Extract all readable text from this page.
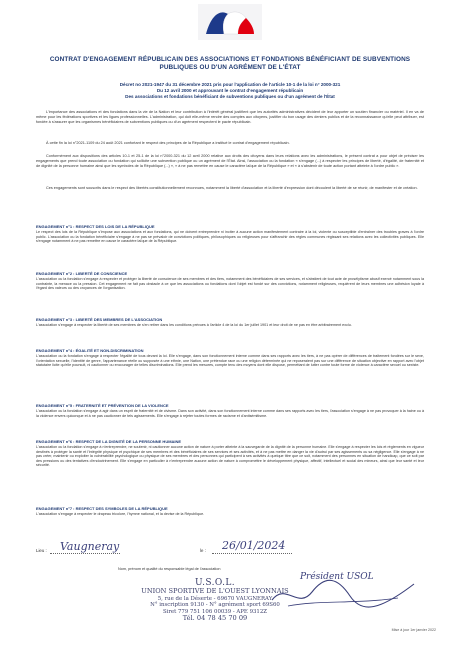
CONTRAT D'ENGAGEMENT RÉPUBLICAIN DES ASSOCIATIONS ET FONDATIONS BÉNÉFICIANT DE SUBVENTIONS PUBLIQUES OU D'UN AGRÉMENT DE L'ÉTAT
Décret no 2021-1947 du 31 décembre 2021 pris pour l'application de l'article 10-1 de la loi n° 2000-321
Du 12 avril 2000 et approuvant le contrat d'engagement républicain
Des associations et fondations bénéficiant de subventions publiques ou d'un agrément de l'État
L'importance des associations et des fondations dans la vie de la Nation et leur contribution à l'intérêt général justifient que les autorités administratives décident de leur apporter un soutien financier ou matériel. Il en va de même pour les fédérations sportives et les ligues professionnelles. L'administration, qui doit elle-même rendre des comptes aux citoyens, justifier du bon usage des deniers publics et de la reconnaissance qu'elle peut attribuer, est fondée à s'assurer que les organismes bénéficiaires de subventions publiques ou d'un agrément respectent le pacte républicain.
À cette fin la loi n°2021-1109 du 24 août 2021 confortant le respect des principes de la République a institué le contrat d'engagement républicain.
Conformément aux dispositions des articles 10-1 et 25-1 de la loi n°2000-321 du 12 avril 2000 relative aux droits des citoyens dans leurs relations avec les administrations, le présent contrat a pour objet de préciser les engagements que prend toute association ou fondation qui sollicite une subvention publique ou un agrément de l'État. Ainsi, l'association ou la fondation « s'engage (...) à respecter les principes de liberté, d'égalité, de fraternité et de dignité de la personne humaine ainsi que les symboles de la République (...) », « à ne pas remettre en cause le caractère laïque de la République » et « à s'abstenir de toute action portant atteinte à l'ordre public ».
Ces engagements sont souscrits dans le respect des libertés constitutionnellement reconnues, notamment la liberté d'association et la liberté d'expression dont découlent la liberté de se réunir, de manifester et de création.
ENGAGEMENT n°1 : RESPECT DES LOIS DE LA RÉPUBLIQUE
Le respect des lois de la République s'impose aux associations et aux fondations, qui ne doivent entreprendre ni inciter à aucune action manifestement contraire à la loi, violente ou susceptible d'entraîner des troubles graves à l'ordre public. L'association ou la fondation bénéficiaire s'engage à ne pas se prévaloir de convictions politiques, philosophiques ou religieuses pour s'affranchir des règles communes régissant ses relations avec les collectivités publiques. Elle s'engage notamment à ne pas remettre en cause le caractère laïque de la République.
ENGAGEMENT n°2 : LIBERTÉ DE CONSCIENCE
L'association ou la fondation s'engage à respecter et protéger la liberté de conscience de ses membres et des tiers, notamment des bénéficiaires de ses services, et s'abstient de tout acte de prosélytisme abusif exercé notamment sous la contrainte, la menace ou la pression. Cet engagement ne fait pas obstacle à ce que les associations ou fondations dont l'objet est fondé sur des convictions, notamment religieuses, requièrent de leurs membres une adhésion loyale à l'égard des valeurs ou des croyances de l'organisation.
ENGAGEMENT n°3 : LIBERTÉ DES MEMBRES DE L'ASSOCIATION
L'association s'engage à respecter la liberté de ses membres de s'en retirer dans les conditions prévues à l'article 4 de la loi du 1er juillet 1901 et leur droit de ne pas en être arbitrairement exclu.
ENGAGEMENT n°4 : ÉGALITÉ ET NON-DISCRIMINATION
L'association ou la fondation s'engage à respecter l'égalité de tous devant la loi. Elle s'engage, dans son fonctionnement interne comme dans ses rapports avec les tiers, à ne pas opérer de différences de traitement fondées sur le sexe, l'orientation sexuelle, l'identité de genre, l'appartenance réelle ou supposée à une ethnie, une Nation, une prétendue race ou une religion déterminée qui ne reposeraient pas sur une différence de situation objective en rapport avec l'objet statutaire licite qu'elle poursuit, ni cautionner ou encourager de telles discriminations. Elle prend les mesures, compte tenu des moyens dont elle dispose, permettant de lutter contre toute forme de violence à caractère sexuel ou sexiste.
ENGAGEMENT n°5 : FRATERNITÉ ET PRÉVENTION DE LA VIOLENCE
L'association ou la fondation s'engage à agir dans un esprit de fraternité et de civisme. Dans son activité, dans son fonctionnement interne comme dans ses rapports avec les tiers, l'association s'engage à ne pas provoquer à la haine ou à la violence envers quiconque et à ne pas cautionner de tels agissements. Elle s'engage à rejeter toutes formes de racisme et d'antisémitisme.
ENGAGEMENT n°6 : RESPECT DE LA DIGNITÉ DE LA PERSONNE HUMAINE
L'association ou la fondation s'engage à n'entreprendre, ne soutenir, ni cautionner aucune action de nature à porter atteinte à la sauvegarde de la dignité de la personne humaine. Elle s'engage à respecter les lois et règlements en vigueur destinés à protéger la santé et l'intégrité physique et psychique de ses membres et des bénéficiaires de ses services et ses activités, et à ne pas mettre en danger la vie d'autrui par ses agissements ou sa négligence. Elle s'engage à ne pas créer, maintenir ou exploiter la vulnérabilité psychologique ou physique de ses membres et des personnes qui participent à ses activités à quelque titre que ce soit, notamment des personnes en situation de handicap, que ce soit par des pressions ou des tentatives d'endoctrinement. Elle s'engage en particulier à n'entreprendre aucune action de nature à compromettre le développement physique, affectif, intellectuel et social des mineurs, ainsi que leur santé et leur sécurité.
ENGAGEMENT n°7 : RESPECT DES SYMBOLES DE LA RÉPUBLIQUE
L'association s'engage à respecter le drapeau tricolore, l'hymne national, et la devise de la République.
Lieu : Vaugneray	le : 26/01/2024
Nom, prénom et qualité du responsable légal de l'association
Président USOL
U.S.O.L.
UNION SPORTIVE DE L'OUEST LYONNAIS
5, rue de la Déserte - 69670 VAUGNERAY
N° inscription 9130 - N° agrément sport 69S60
Siret 779 751 106 00039 - APE 9312Z
Tél. 04 78 45 70 09
Mise à jour 1er janvier 2022
